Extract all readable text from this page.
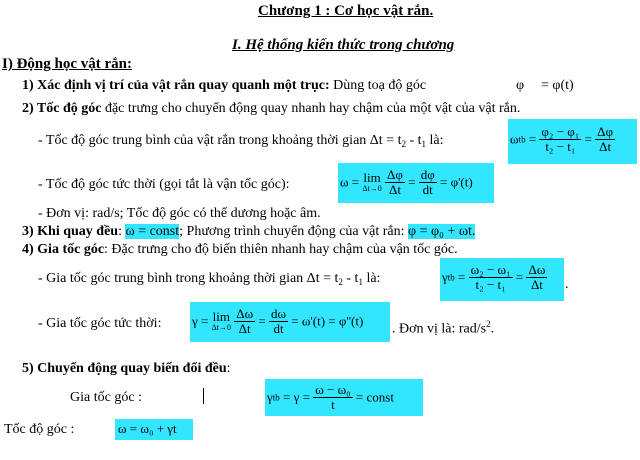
Chương 1 : Cơ học vật rắn.
I. Hệ thống kiến thức trong chương
I) Động học vật rắn:
1) Xác định vị trí của vật rắn quay quanh một trục: Dùng toạ độ góc	φ = φ(t)
2) Tốc độ góc đặc trưng cho chuyển động quay nhanh hay chậm của một vật của vật rắn.
- Tốc độ góc trung bình của vật rắn trong khoảng thời gian $\Delta t = t_2 - t_1$ là:	$\omega tb = \frac{\text{φ₂ − φ₁}}{\text{t₂ − t₁}} = \frac{\Delta\varphi}{\Delta t}$
- Tốc độ góc tức thời (gọi tắt là vận tốc góc):	ω = lim
Δt→0
$\frac{\Delta\varphi}{\Delta t} = \frac{d\varphi}{dt} = \varphi'(t)$
- Đơn vị: rad/s; Tốc độ góc có thể dương hoặc âm.
3) Khi quay đều: ω = const; Phương trình chuyển động của vật rắn: φ = φ₀ + ωt.
4) Gia tốc góc: Đặc trưng cho độ biến thiên nhanh hay chậm của vận tốc góc.
- Gia tốc góc trung bình trong khoảng thời gian $\Delta t = t_2 - t_1$ là:	$\gamma tb = \frac{\text{ω₂ − ω₁}}{\text{t₂ − t₁}} = \frac{\Delta\omega}{\Delta t}$ .
- Gia tốc góc tức thời: γ = lim
Δt→0
$\frac{\Delta\omega}{\Delta t} = \frac{d\omega}{dt} = \omega'(t) = \varphi''(t)$
. Đơn vị là: rad/$s^2$.
5) Chuyển động quay biến đổi đều:
Gia tốc góc :	$\gamma tb = \gamma = \frac{\text{ω − ω₀}}{t}$ = const
Tốc độ góc :	ω = ω₀ + γt
